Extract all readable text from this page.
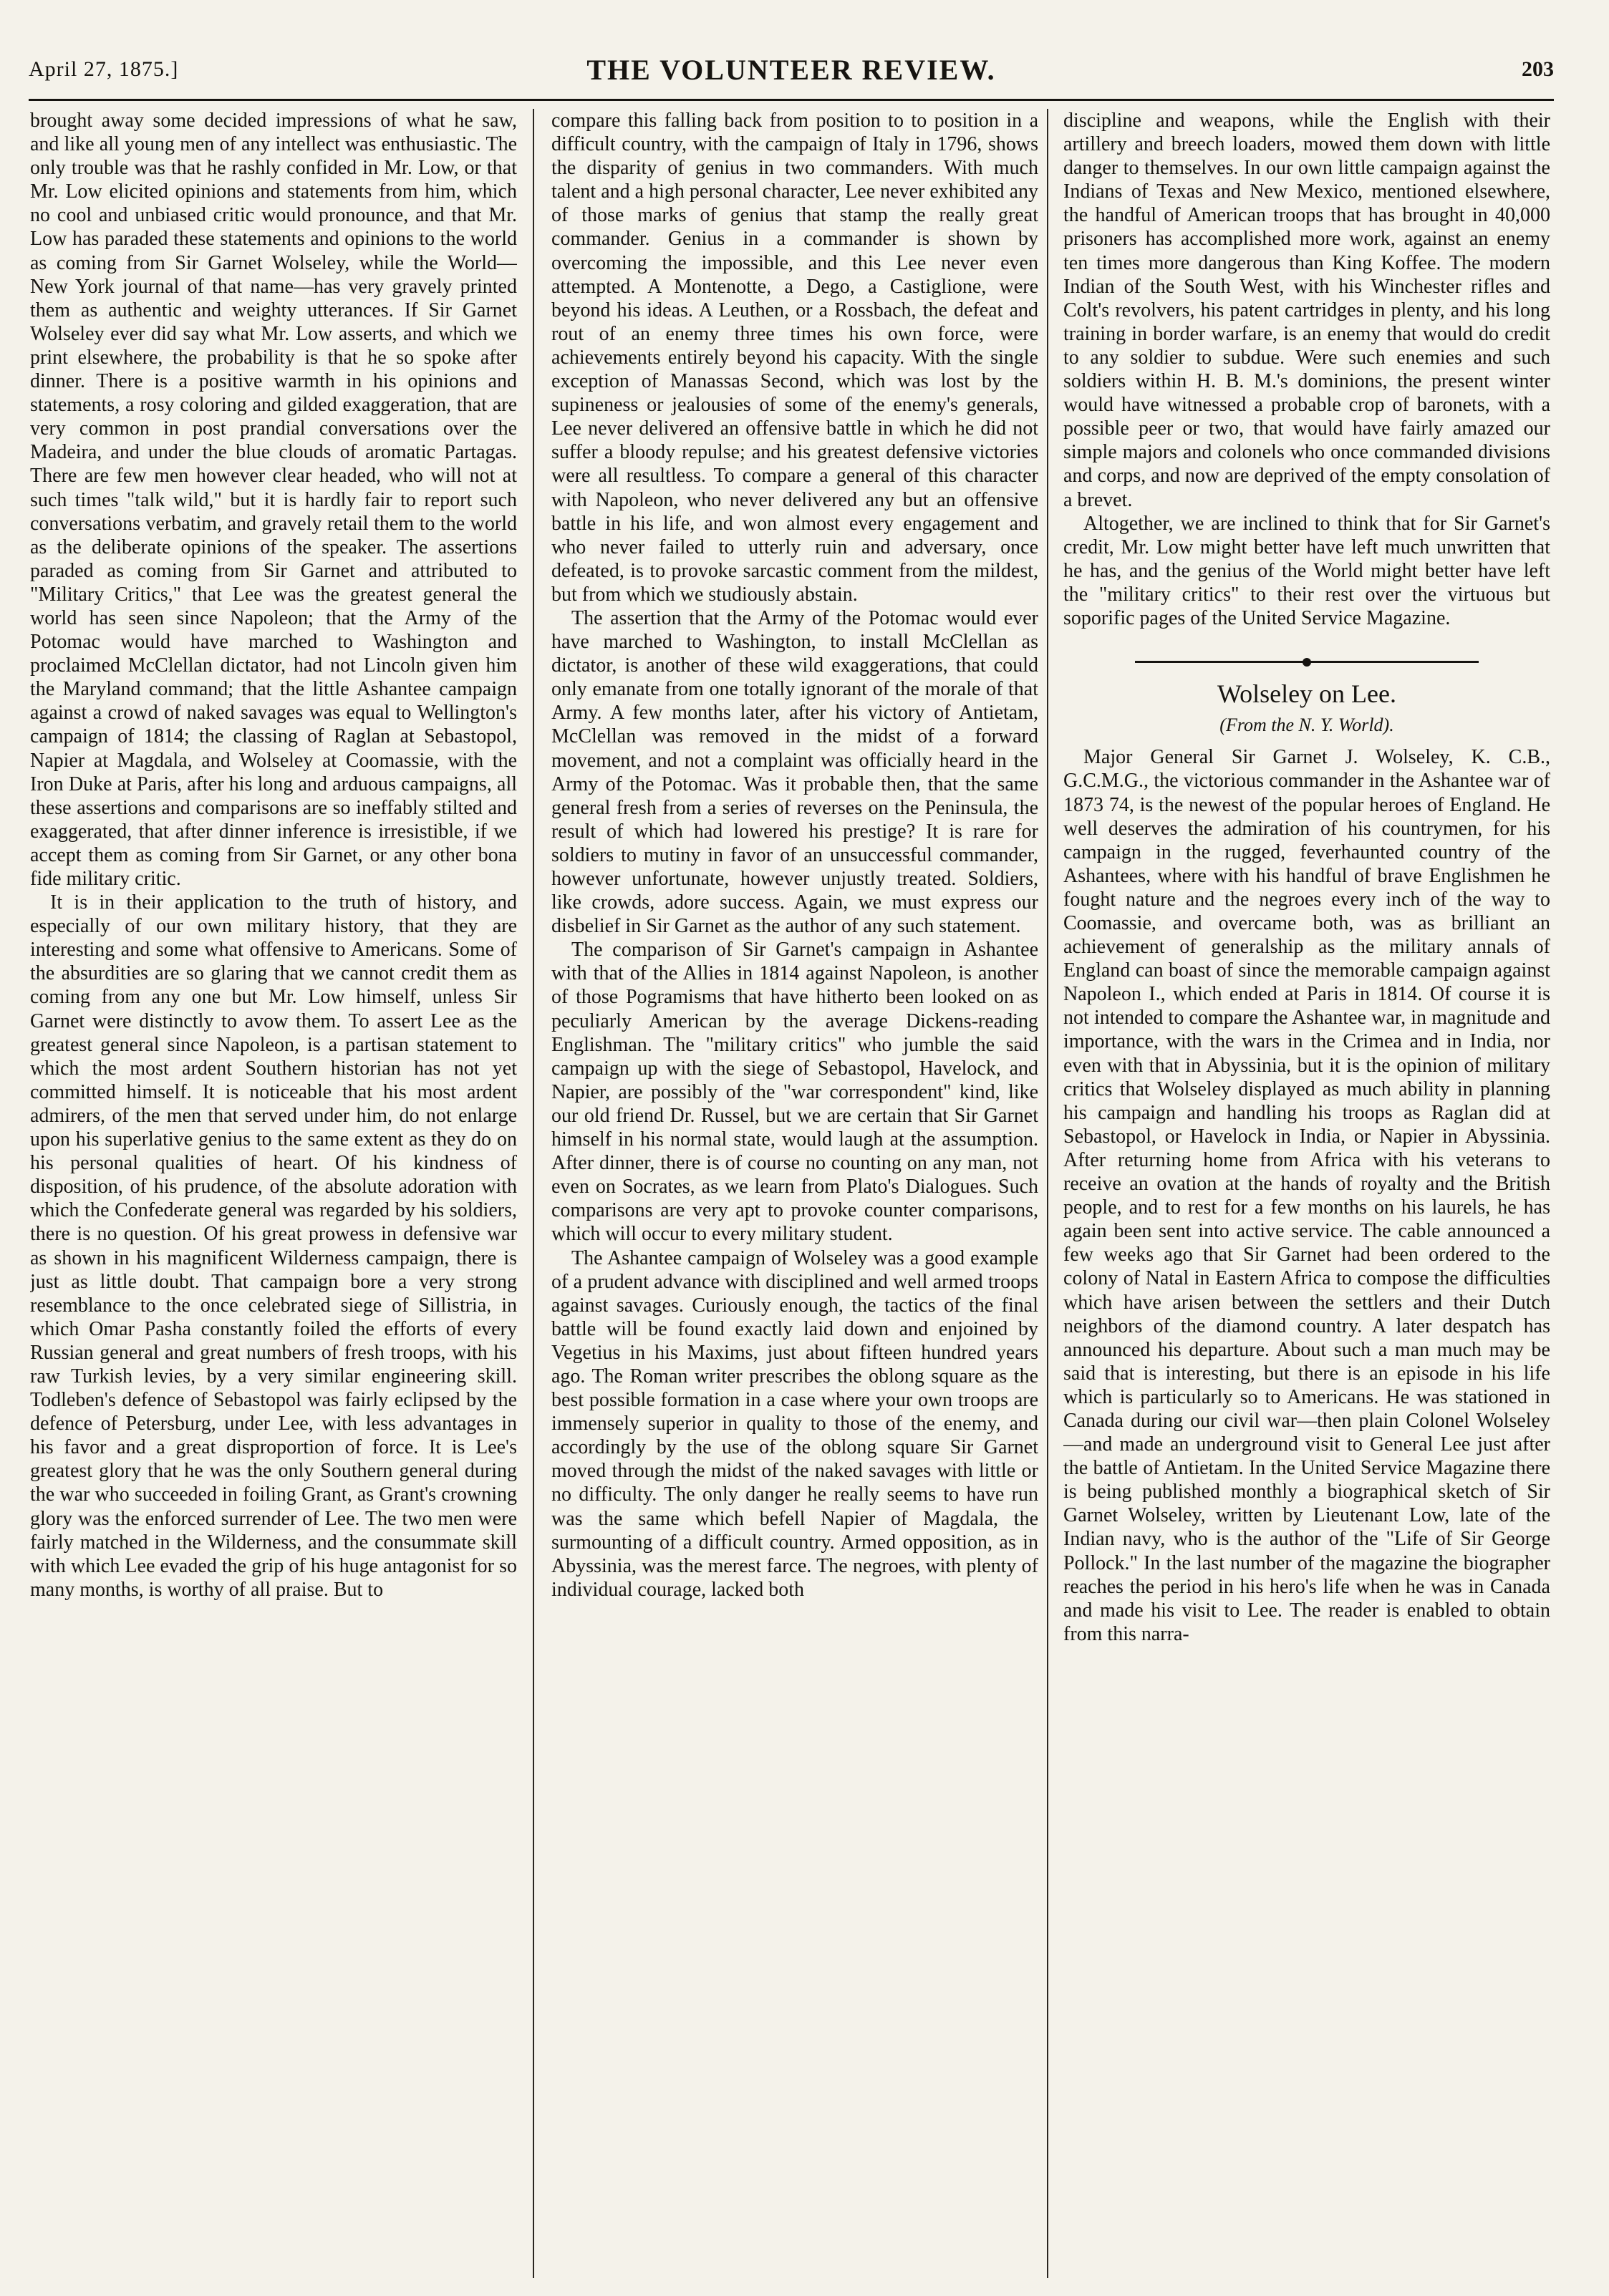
April 27, 1875.]	THE VOLUNTEER REVIEW.	203

brought away some decided impressions of what he saw, and like all young men of any intellect was enthusiastic. The only trouble was that he rashly confided in Mr. Low, or that Mr. Low elicited opinions and statements from him, which no cool and unbiased critic would pronounce, and that Mr. Low has paraded these statements and opinions to the world as coming from Sir Garnet Wolseley, while the World—New York journal of that name—has very gravely printed them as authentic and weighty utterances. If Sir Garnet Wolseley ever did say what Mr. Low asserts, and which we print elsewhere, the probability is that he so spoke after dinner. There is a positive warmth in his opinions and statements, a rosy coloring and gilded exaggeration, that are very common in post prandial conversations over the Madeira, and under the blue clouds of aromatic Partagas. There are few men however clear headed, who will not at such times "talk wild," but it is hardly fair to report such conversations verbatim, and gravely retail them to the world as the deliberate opinions of the speaker. The assertions paraded as coming from Sir Garnet and attributed to "Military Critics," that Lee was the greatest general the world has seen since Napoleon; that the Army of the Potomac would have marched to Washington and proclaimed McClellan dictator, had not Lincoln given him the Maryland command; that the little Ashantee campaign against a crowd of naked savages was equal to Wellington's campaign of 1814; the classing of Raglan at Sebastopol, Napier at Magdala, and Wolseley at Coomassie, with the Iron Duke at Paris, after his long and arduous campaigns, all these assertions and comparisons are so ineffably stilted and exaggerated, that after dinner inference is irresistible, if we accept them as coming from Sir Garnet, or any other bona fide military critic.

It is in their application to the truth of history, and especially of our own military history, that they are interesting and some what offensive to Americans. Some of the absurdities are so glaring that we cannot credit them as coming from any one but Mr. Low himself, unless Sir Garnet were distinctly to avow them. To assert Lee as the greatest general since Napoleon, is a partisan statement to which the most ardent Southern historian has not yet committed himself. It is noticeable that his most ardent admirers, of the men that served under him, do not enlarge upon his superlative genius to the same extent as they do on his personal qualities of heart. Of his kindness of disposition, of his prudence, of the absolute adoration with which the Confederate general was regarded by his soldiers, there is no question. Of his great prowess in defensive war as shown in his magnificent Wilderness campaign, there is just as little doubt. That campaign bore a very strong resemblance to the once celebrated siege of Sillistria, in which Omar Pasha constantly foiled the efforts of every Russian general and great numbers of fresh troops, with his raw Turkish levies, by a very similar engineering skill. Todleben's defence of Sebastopol was fairly eclipsed by the defence of Petersburg, under Lee, with less advantages in his favor and a great disproportion of force. It is Lee's greatest glory that he was the only Southern general during the war who succeeded in foiling Grant, as Grant's crowning glory was the enforced surrender of Lee. The two men were fairly matched in the Wilderness, and the consummate skill with which Lee evaded the grip of his huge antagonist for so many months, is worthy of all praise. But to

compare this falling back from position to to position in a difficult country, with the campaign of Italy in 1796, shows the disparity of genius in two commanders. With much talent and a high personal character, Lee never exhibited any of those marks of genius that stamp the really great commander. Genius in a commander is shown by overcoming the impossible, and this Lee never even attempted. A Montenotte, a Dego, a Castiglione, were beyond his ideas. A Leuthen, or a Rossbach, the defeat and rout of an enemy three times his own force, were achievements entirely beyond his capacity. With the single exception of Manassas Second, which was lost by the supineness or jealousies of some of the enemy's generals, Lee never delivered an offensive battle in which he did not suffer a bloody repulse; and his greatest defensive victories were all resultless. To compare a general of this character with Napoleon, who never delivered any but an offensive battle in his life, and won almost every engagement and who never failed to utterly ruin and adversary, once defeated, is to provoke sarcastic comment from the mildest, but from which we studiously abstain.

The assertion that the Army of the Potomac would ever have marched to Washington, to install McClellan as dictator, is another of these wild exaggerations, that could only emanate from one totally ignorant of the morale of that Army. A few months later, after his victory of Antietam, McClellan was removed in the midst of a forward movement, and not a complaint was officially heard in the Army of the Potomac. Was it probable then, that the same general fresh from a series of reverses on the Peninsula, the result of which had lowered his prestige? It is rare for soldiers to mutiny in favor of an unsuccessful commander, however unfortunate, however unjustly treated. Soldiers, like crowds, adore success. Again, we must express our disbelief in Sir Garnet as the author of any such statement.

The comparison of Sir Garnet's campaign in Ashantee with that of the Allies in 1814 against Napoleon, is another of those Pogramisms that have hitherto been looked on as peculiarly American by the average Dickens-reading Englishman. The "military critics" who jumble the said campaign up with the siege of Sebastopol, Havelock, and Napier, are possibly of the "war correspondent" kind, like our old friend Dr. Russel, but we are certain that Sir Garnet himself in his normal state, would laugh at the assumption. After dinner, there is of course no counting on any man, not even on Socrates, as we learn from Plato's Dialogues. Such comparisons are very apt to provoke counter comparisons, which will occur to every military student.

The Ashantee campaign of Wolseley was a good example of a prudent advance with disciplined and well armed troops against savages. Curiously enough, the tactics of the final battle will be found exactly laid down and enjoined by Vegetius in his Maxims, just about fifteen hundred years ago. The Roman writer prescribes the oblong square as the best possible formation in a case where your own troops are immensely superior in quality to those of the enemy, and accordingly by the use of the oblong square Sir Garnet moved through the midst of the naked savages with little or no difficulty. The only danger he really seems to have run was the same which befell Napier of Magdala, the surmounting of a difficult country. Armed opposition, as in Abyssinia, was the merest farce. The negroes, with plenty of individual courage, lacked both

discipline and weapons, while the English with their artillery and breech loaders, mowed them down with little danger to themselves. In our own little campaign against the Indians of Texas and New Mexico, mentioned elsewhere, the handful of American troops that has brought in 40,000 prisoners has accomplished more work, against an enemy ten times more dangerous than King Koffee. The modern Indian of the South West, with his Winchester rifles and Colt's revolvers, his patent cartridges in plenty, and his long training in border warfare, is an enemy that would do credit to any soldier to subdue. Were such enemies and such soldiers within H. B. M.'s dominions, the present winter would have witnessed a probable crop of baronets, with a possible peer or two, that would have fairly amazed our simple majors and colonels who once commanded divisions and corps, and now are deprived of the empty consolation of a brevet.

Altogether, we are inclined to think that for Sir Garnet's credit, Mr. Low might better have left much unwritten that he has, and the genius of the World might better have left the "military critics" to their rest over the virtuous but soporific pages of the United Service Magazine.

Wolseley on Lee.
(From the N. Y. World).

Major General Sir Garnet J. Wolseley, K. C.B., G.C.M.G., the victorious commander in the Ashantee war of 1873 74, is the newest of the popular heroes of England. He well deserves the admiration of his countrymen, for his campaign in the rugged, feverhaunted country of the Ashantees, where with his handful of brave Englishmen he fought nature and the negroes every inch of the way to Coomassie, and overcame both, was as brilliant an achievement of generalship as the military annals of England can boast of since the memorable campaign against Napoleon I., which ended at Paris in 1814. Of course it is not intended to compare the Ashantee war, in magnitude and importance, with the wars in the Crimea and in India, nor even with that in Abyssinia, but it is the opinion of military critics that Wolseley displayed as much ability in planning his campaign and handling his troops as Raglan did at Sebastopol, or Havelock in India, or Napier in Abyssinia. After returning home from Africa with his veterans to receive an ovation at the hands of royalty and the British people, and to rest for a few months on his laurels, he has again been sent into active service. The cable announced a few weeks ago that Sir Garnet had been ordered to the colony of Natal in Eastern Africa to compose the difficulties which have arisen between the settlers and their Dutch neighbors of the diamond country. A later despatch has announced his departure. About such a man much may be said that is interesting, but there is an episode in his life which is particularly so to Americans. He was stationed in Canada during our civil war—then plain Colonel Wolseley—and made an underground visit to General Lee just after the battle of Antietam. In the United Service Magazine there is being published monthly a biographical sketch of Sir Garnet Wolseley, written by Lieutenant Low, late of the Indian navy, who is the author of the "Life of Sir George Pollock." In the last number of the magazine the biographer reaches the period in his hero's life when he was in Canada and made his visit to Lee. The reader is enabled to obtain from this narra-
